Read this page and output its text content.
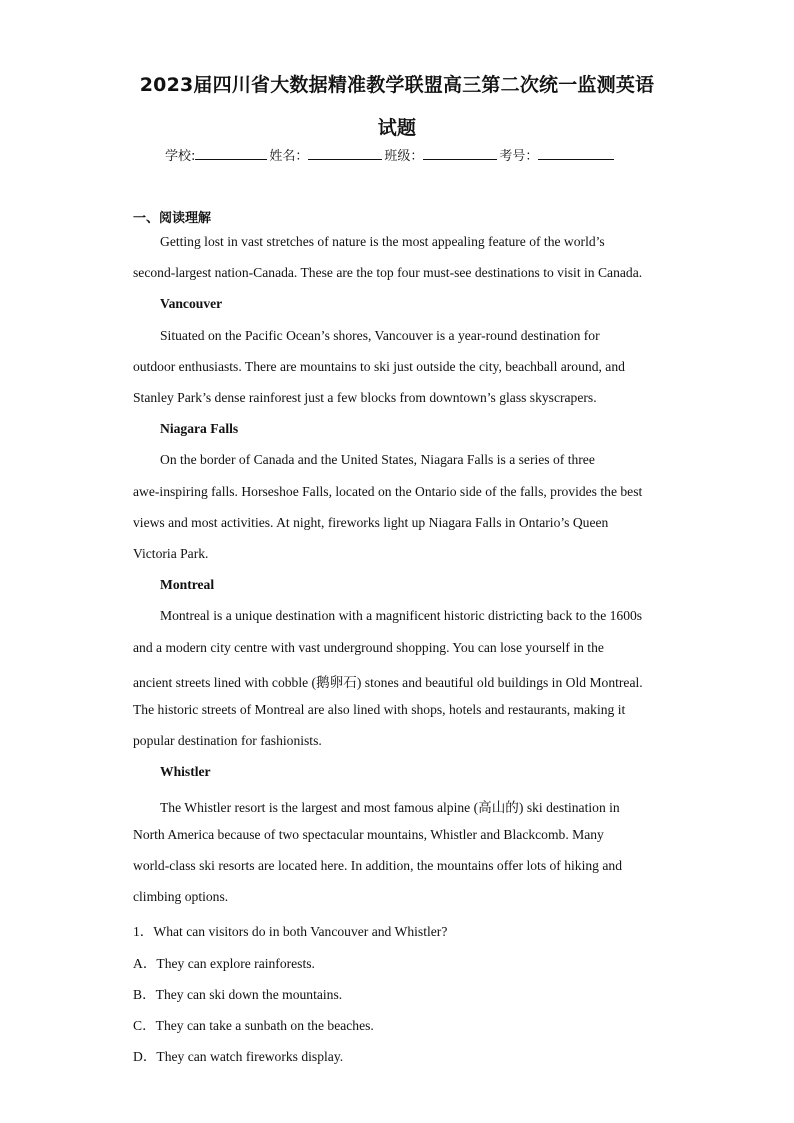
2023届四川省大数据精准教学联盟高三第二次统一监测英语
试题
学校:	姓名：	班级：	考号：
一、阅读理解
Getting lost in vast stretches of nature is the most appealing feature of the world’s
second-largest nation-Canada. These are the top four must-see destinations to visit in Canada.
Vancouver
Situated on the Pacific Ocean’s shores, Vancouver is a year-round destination for
outdoor enthusiasts. There are mountains to ski just outside the city, beachball around, and
Stanley Park’s dense rainforest just a few blocks from downtown’s glass skyscrapers.
Niagara Falls
On the border of Canada and the United States, Niagara Falls is a series of three
awe-inspiring falls. Horseshoe Falls, located on the Ontario side of the falls, provides the best
views and most activities. At night, fireworks light up Niagara Falls in Ontario’s Queen
Victoria Park.
Montreal
Montreal is a unique destination with a magnificent historic districting back to the 1600s
and a modern city centre with vast underground shopping. You can lose yourself in the
ancient streets lined with cobble (鹅卵石) stones and beautiful old buildings in Old Montreal.
The historic streets of Montreal are also lined with shops, hotels and restaurants, making it
popular destination for fashionists.
Whistler
The Whistler resort is the largest and most famous alpine (高山的) ski destination in
North America because of two spectacular mountains, Whistler and Blackcomb. Many
world-class ski resorts are located here. In addition, the mountains offer lots of hiking and
climbing options.
1．What can visitors do in both Vancouver and Whistler?
A．They can explore rainforests.
B．They can ski down the mountains.
C．They can take a sunbath on the beaches.
D．They can watch fireworks display.
